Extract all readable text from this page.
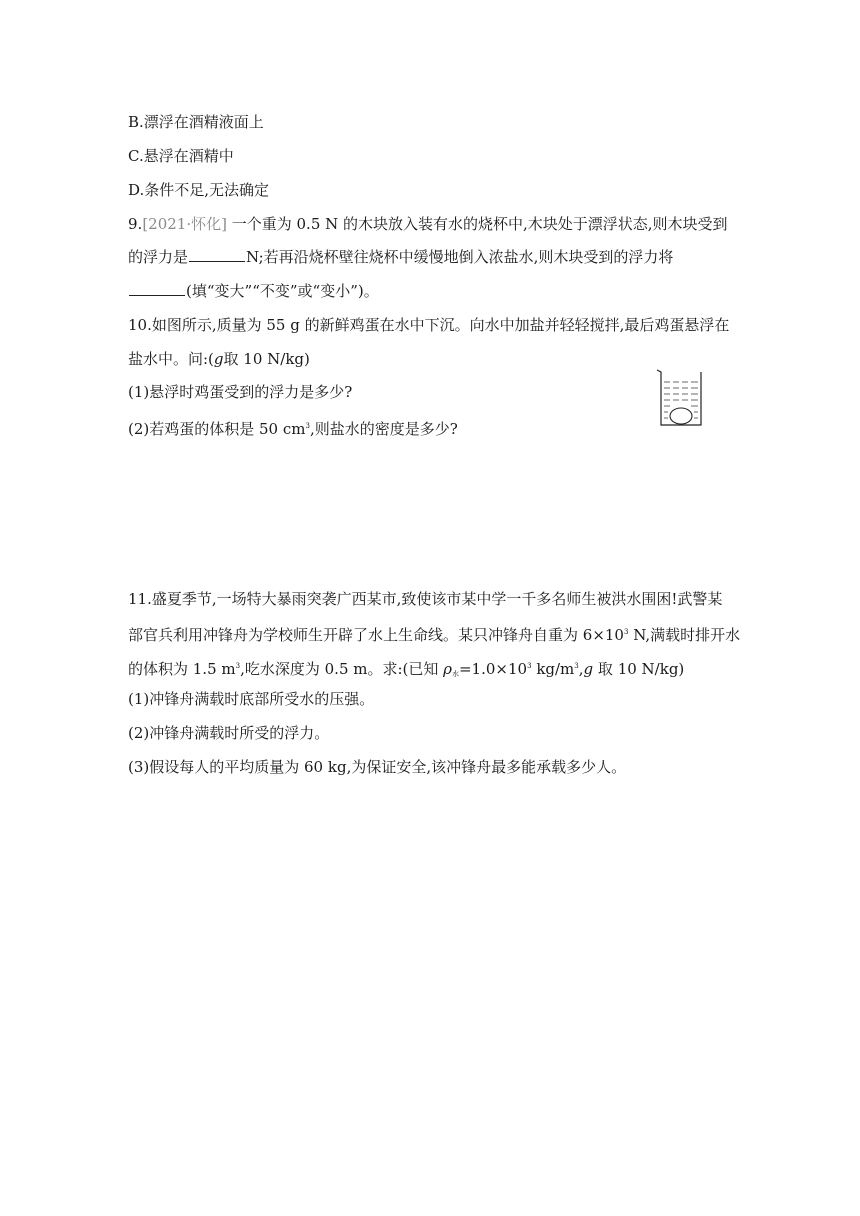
B.漂浮在酒精液面上
C.悬浮在酒精中
D.条件不足,无法确定
9.[2021·怀化] 一个重为 0.5 N 的木块放入装有水的烧杯中,木块处于漂浮状态,则木块受到
的浮力是	N;若再沿烧杯壁往烧杯中缓慢地倒入浓盐水,则木块受到的浮力将
(填“变大”“不变”或“变小”)。
10.如图所示,质量为 55 g 的新鲜鸡蛋在水中下沉。向水中加盐并轻轻搅拌,最后鸡蛋悬浮在
盐水中。问:(g取 10 N/kg)
(1)悬浮时鸡蛋受到的浮力是多少?
(2)若鸡蛋的体积是 50 $cm^3$,则盐水的密度是多少?
11.盛夏季节,一场特大暴雨突袭广西某市,致使该市某中学一千多名师生被洪水围困!武警某
部官兵利用冲锋舟为学校师生开辟了水上生命线。某只冲锋舟自重为 $6\times 10^3$ N,满载时排开水
的体积为 1.5 $m^3$,吃水深度为 0.5 m。求:(已知 $\rho_水=1.0\times 10^3$ $kg/m^3,g$ 取 10 N/kg)
(1)冲锋舟满载时底部所受水的压强。
(2)冲锋舟满载时所受的浮力。
(3)假设每人的平均质量为 60 kg,为保证安全,该冲锋舟最多能承载多少人。
